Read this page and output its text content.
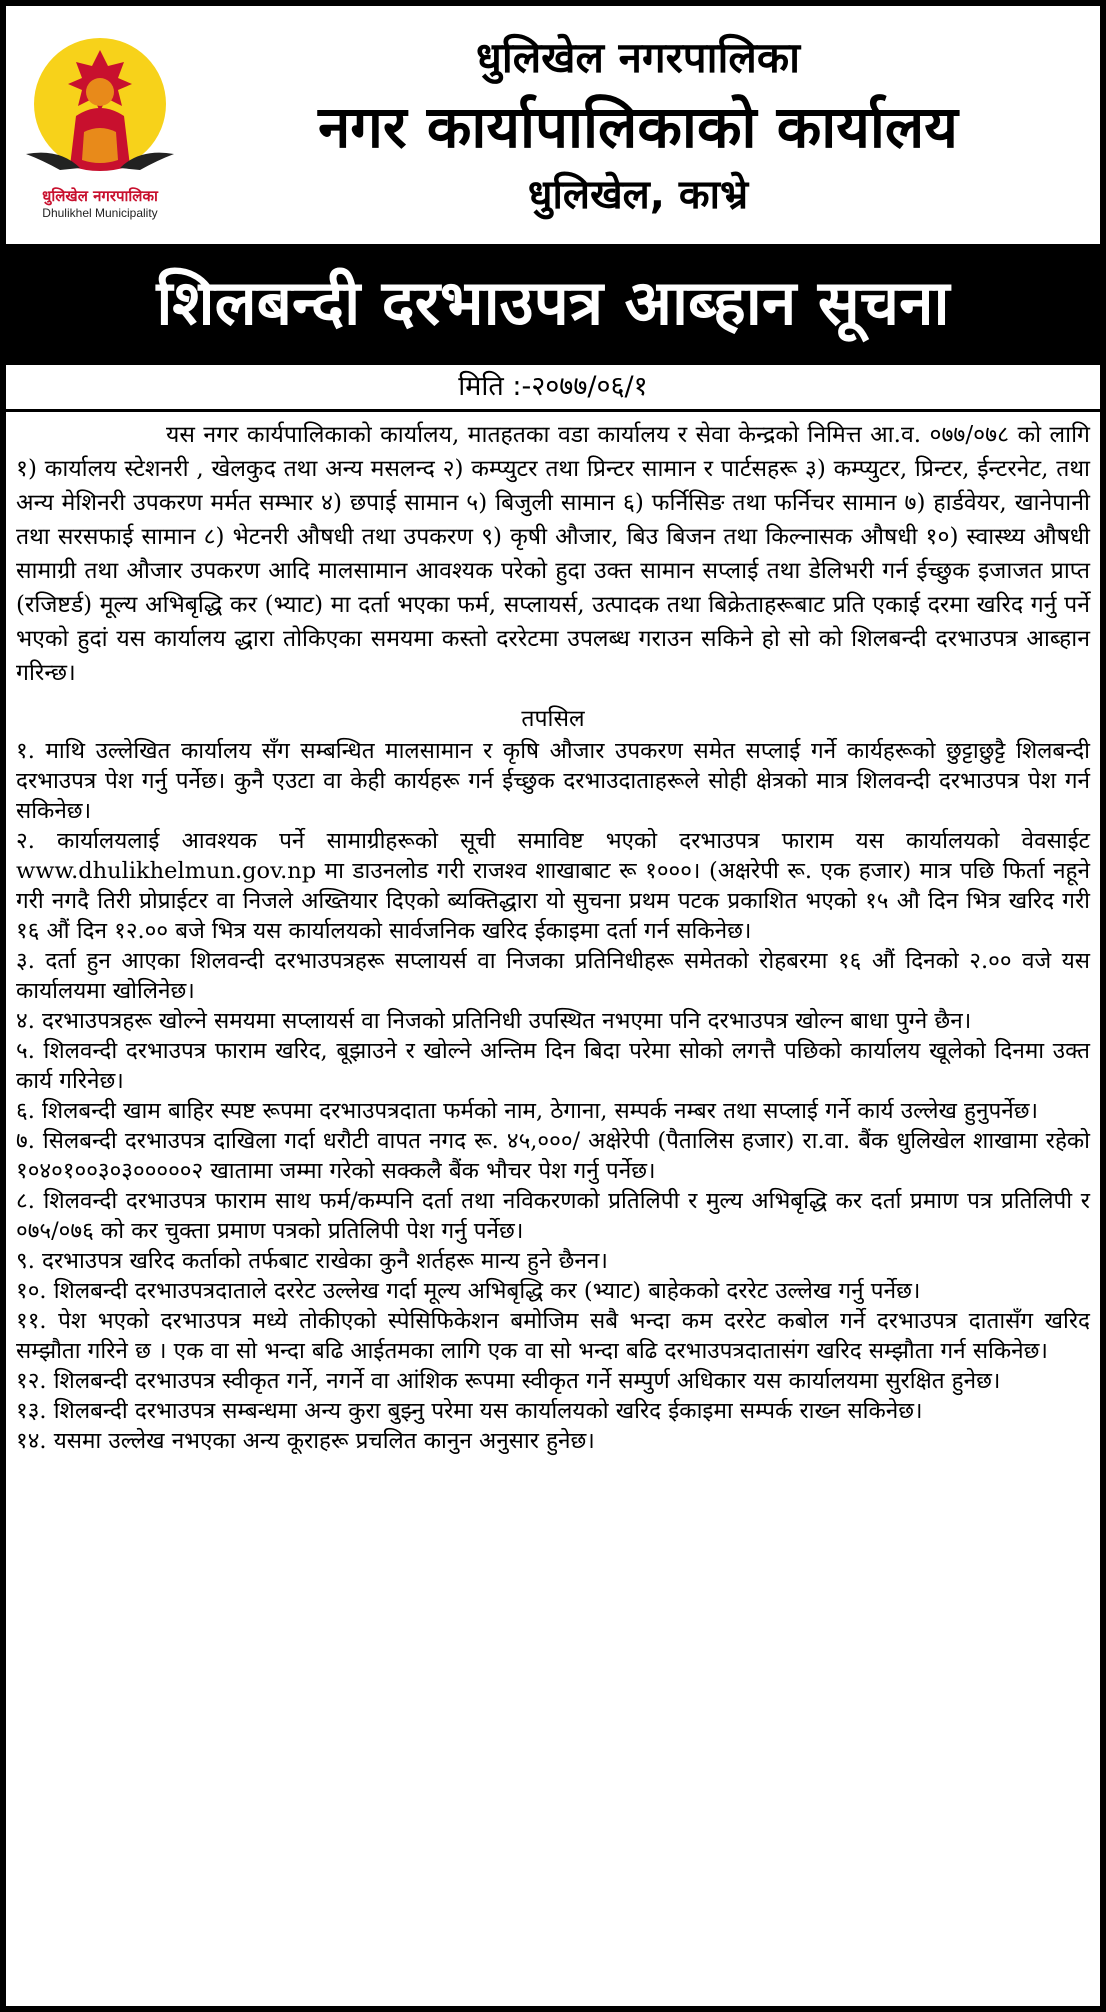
धुलिखेल नगरपालिका
Dhulikhel Municipality
धुलिखेल नगरपालिका
नगर कार्यापालिकाको कार्यालय
धुलिखेल, काभ्रे
शिलबन्दी दरभाउपत्र आब्हान सूचना
मिति :-२०७७/०६/१

यस नगर कार्यपालिकाको कार्यालय, मातहतका वडा कार्यालय र सेवा केन्द्रको निमित्त आ.व. ०७७/०७८ को लागि १) कार्यालय स्टेशनरी , खेलकुद तथा अन्य मसलन्द २) कम्प्युटर तथा प्रिन्टर सामान र पार्टसहरू ३) कम्प्युटर, प्रिन्टर, ईन्टरनेट, तथा अन्य मेशिनरी उपकरण मर्मत सम्भार ४) छपाई सामान ५) बिजुली सामान ६) फर्निसिङ तथा फर्निचर सामान ७) हार्डवेयर, खानेपानी तथा सरसफाई सामान ८) भेटनरी औषधी तथा उपकरण ९) कृषी औजार, बिउ बिजन तथा किल्नासक औषधी १०) स्वास्थ्य औषधी सामाग्री तथा औजार उपकरण आदि मालसामान आवश्यक परेको हुदा उक्त सामान सप्लाई तथा डेलिभरी गर्न ईच्छुक इजाजत प्राप्त (रजिष्टर्ड) मूल्य अभिबृद्धि कर (भ्याट) मा दर्ता भएका फर्म, सप्लायर्स, उत्पादक तथा बिक्रेताहरूबाट प्रति एकाई दरमा खरिद गर्नु पर्ने भएको हुदां यस कार्यालय द्धारा तोकिएका समयमा कस्तो दररेटमा उपलब्ध गराउन सकिने हो सो को शिलबन्दी दरभाउपत्र आब्हान गरिन्छ।

तपसिल
१. माथि उल्लेखित कार्यालय सँग सम्बन्धित मालसामान र कृषि औजार उपकरण समेत सप्लाई गर्ने कार्यहरूको छुट्टाछुट्टै शिलबन्दी दरभाउपत्र पेश गर्नु पर्नेछ। कुनै एउटा वा केही कार्यहरू गर्न ईच्छुक दरभाउदाताहरूले सोही क्षेत्रको मात्र शिलवन्दी दरभाउपत्र पेश गर्न सकिनेछ।
२. कार्यालयलाई आवश्यक पर्ने सामाग्रीहरूको सूची समाविष्ट भएको दरभाउपत्र फाराम यस कार्यालयको वेवसाईट www.dhulikhelmun.gov.np मा डाउनलोड गरी राजश्व शाखाबाट रू १०००। (अक्षरेपी रू. एक हजार) मात्र पछि फिर्ता नहूने गरी नगदै तिरी प्रोप्राईटर वा निजले अख्तियार दिएको ब्यक्तिद्धारा यो सुचना प्रथम पटक प्रकाशित भएको १५ औ दिन भित्र खरिद गरी १६ औं दिन १२.०० बजे भित्र यस कार्यालयको सार्वजनिक खरिद ईकाइमा दर्ता गर्न सकिनेछ।
३. दर्ता हुन आएका शिलवन्दी दरभाउपत्रहरू सप्लायर्स वा निजका प्रतिनिधीहरू समेतको रोहबरमा १६ औं दिनको २.०० वजे यस कार्यालयमा खोलिनेछ।
४. दरभाउपत्रहरू खोल्ने समयमा सप्लायर्स वा निजको प्रतिनिधी उपस्थित नभएमा पनि दरभाउपत्र खोल्न बाधा पुग्ने छैन।
५. शिलवन्दी दरभाउपत्र फाराम खरिद, बूझाउने र खोल्ने अन्तिम दिन बिदा परेमा सोको लगत्तै पछिको कार्यालय खूलेको दिनमा उक्त कार्य गरिनेछ।
६. शिलबन्दी खाम बाहिर स्पष्ट रूपमा दरभाउपत्रदाता फर्मको नाम, ठेगाना, सम्पर्क नम्बर तथा सप्लाई गर्ने कार्य उल्लेख हुनुपर्नेछ।
७. सिलबन्दी दरभाउपत्र दाखिला गर्दा धरौटी वापत नगद रू. ४५,०००/ अक्षेरेपी (पैतालिस हजार) रा.वा. बैंक धुलिखेल शाखामा रहेको १०४०१००३०३०००००२ खातामा जम्मा गरेको सक्कलै बैंक भौचर पेश गर्नु पर्नेछ।
८. शिलवन्दी दरभाउपत्र फाराम साथ फर्म/कम्पनि दर्ता तथा नविकरणको प्रतिलिपी र मुल्य अभिबृद्धि कर दर्ता प्रमाण पत्र प्रतिलिपी र ०७५/०७६ को कर चुक्ता प्रमाण पत्रको प्रतिलिपी पेश गर्नु पर्नेछ।
९. दरभाउपत्र खरिद कर्ताको तर्फबाट राखेका कुनै शर्तहरू मान्य हुने छैनन।
१०. शिलबन्दी दरभाउपत्रदाताले दररेट उल्लेख गर्दा मूल्य अभिबृद्धि कर (भ्याट) बाहेकको दररेट उल्लेख गर्नु पर्नेछ।
११. पेश भएको दरभाउपत्र मध्ये तोकीएको स्पेसिफिकेशन बमोजिम सबै भन्दा कम दररेट कबोल गर्ने दरभाउपत्र दातासँग खरिद सम्झौता गरिने छ । एक वा सो भन्दा बढि आईतमका लागि एक वा सो भन्दा बढि दरभाउपत्रदातासंग खरिद सम्झौता गर्न सकिनेछ।
१२. शिलबन्दी दरभाउपत्र स्वीकृत गर्ने, नगर्ने वा आंशिक रूपमा स्वीकृत गर्ने सम्पुर्ण अधिकार यस कार्यालयमा सुरक्षित हुनेछ।
१३. शिलबन्दी दरभाउपत्र सम्बन्धमा अन्य कुरा बुझ्नु परेमा यस कार्यालयको खरिद ईकाइमा सम्पर्क राख्न सकिनेछ।
१४. यसमा उल्लेख नभएका अन्य कूराहरू प्रचलित कानुन अनुसार हुनेछ।
